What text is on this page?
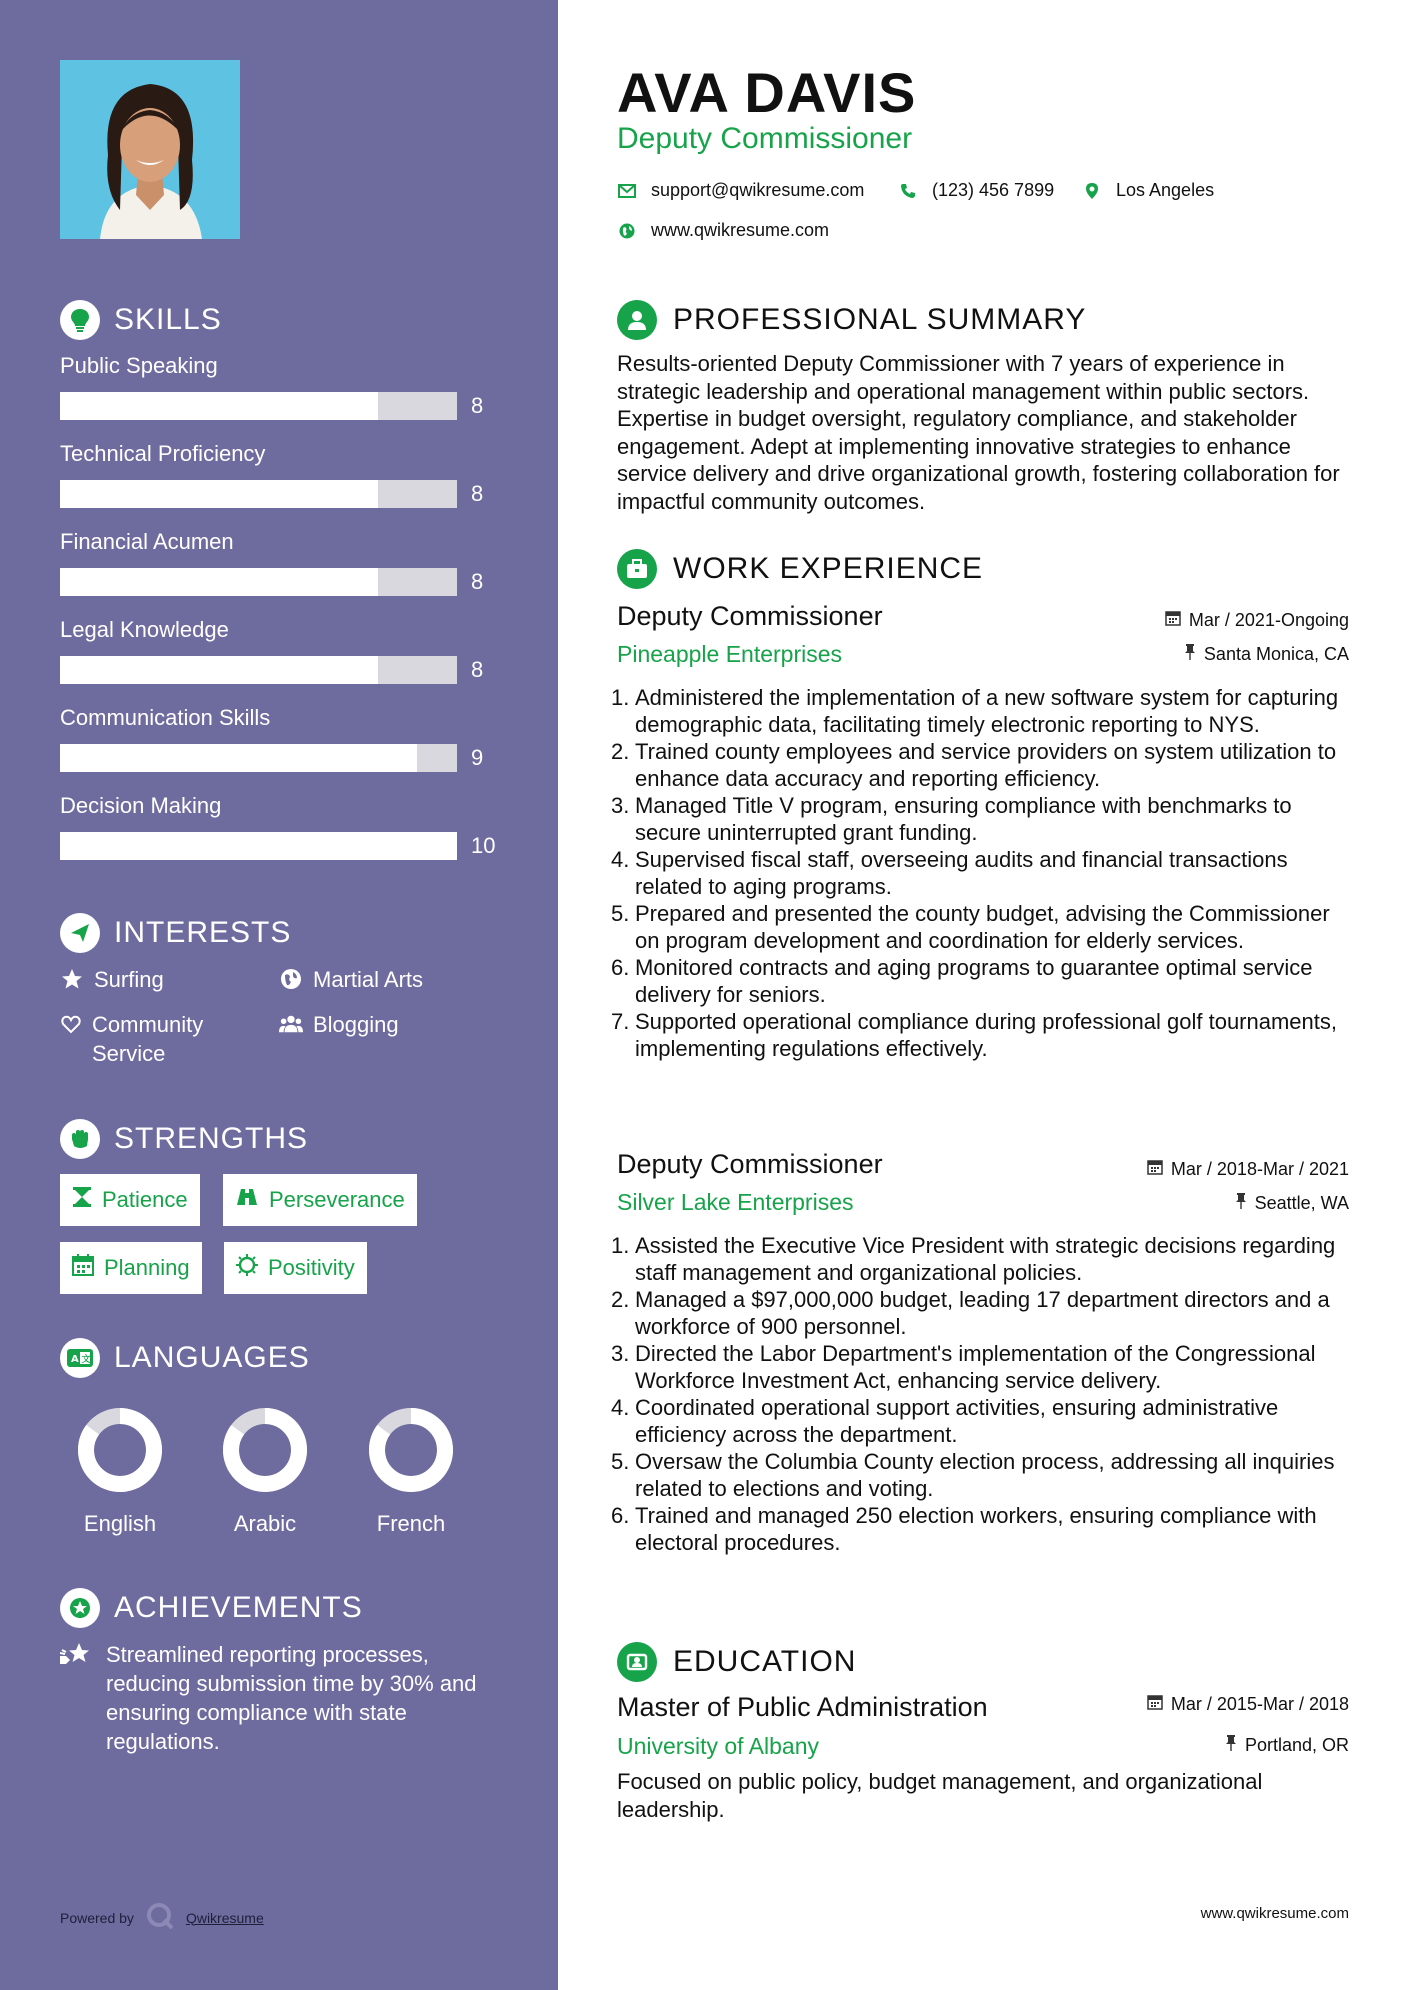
SKILLS
Public Speaking
8
Technical Proficiency
8
Financial Acumen
8
Legal Knowledge
8
Communication Skills
9
Decision Making
10
INTERESTS
Surfing	Martial Arts
Community Service
Blogging
STRENGTHS
Patience	Perseverance
Planning	Positivity
A 文 LANGUAGES
English	Arabic	French
ACHIEVEMENTS
Streamlined reporting processes, reducing submission time by 30% and ensuring compliance with state regulations.
Powered by	Qwikresume
AVA DAVIS
Deputy Commissioner
support@qwikresume.com	(123) 456 7899	Los Angeles
www.qwikresume.com
PROFESSIONAL SUMMARY
Results-oriented Deputy Commissioner with 7 years of experience in strategic leadership and operational management within public sectors. Expertise in budget oversight, regulatory compliance, and stakeholder engagement. Adept at implementing innovative strategies to enhance service delivery and drive organizational growth, fostering collaboration for impactful community outcomes.
WORK EXPERIENCE
Deputy Commissioner	Mar / 2021-Ongoing
Pineapple Enterprises	Santa Monica, CA
Administered the implementation of a new software system for capturing demographic data, facilitating timely electronic reporting to NYS.
Trained county employees and service providers on system utilization to enhance data accuracy and reporting efficiency.
Managed Title V program, ensuring compliance with benchmarks to secure uninterrupted grant funding.
Supervised fiscal staff, overseeing audits and financial transactions related to aging programs.
Prepared and presented the county budget, advising the Commissioner on program development and coordination for elderly services.
Monitored contracts and aging programs to guarantee optimal service delivery for seniors.
Supported operational compliance during professional golf tournaments, implementing regulations effectively.
Deputy Commissioner	Mar / 2018-Mar / 2021
Silver Lake Enterprises	Seattle, WA
Assisted the Executive Vice President with strategic decisions regarding staff management and organizational policies.
Managed a $97,000,000 budget, leading 17 department directors and a workforce of 900 personnel.
Directed the Labor Department's implementation of the Congressional Workforce Investment Act, enhancing service delivery.
Coordinated operational support activities, ensuring administrative efficiency across the department.
Oversaw the Columbia County election process, addressing all inquiries related to elections and voting.
Trained and managed 250 election workers, ensuring compliance with electoral procedures.
EDUCATION
Master of Public Administration	Mar / 2015-Mar / 2018
University of Albany	Portland, OR
Focused on public policy, budget management, and organizational leadership.
www.qwikresume.com
